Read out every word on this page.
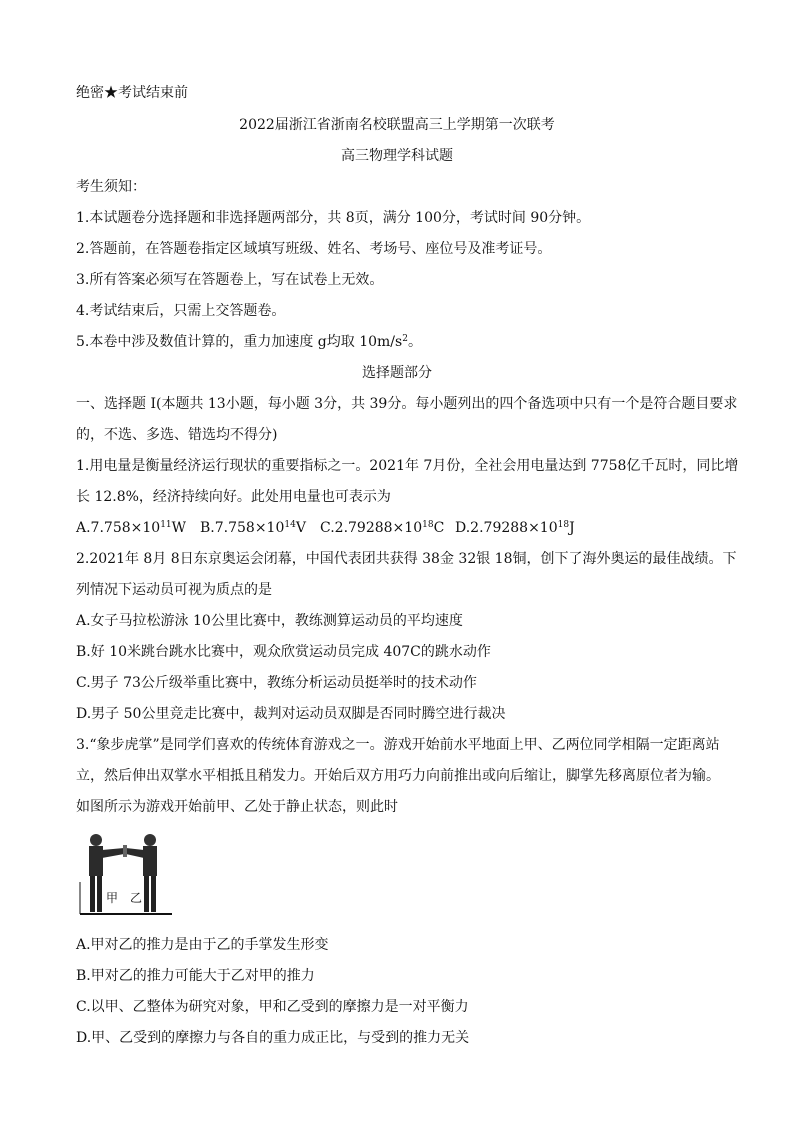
绝密★考试结束前
2022届浙江省浙南名校联盟高三上学期第一次联考
高三物理学科试题
考生须知：
1.本试题卷分选择题和非选择题两部分，共 8页，满分 100分，考试时间 90分钟。
2.答题前，在答题卷指定区域填写班级、姓名、考场号、座位号及准考证号。
3.所有答案必须写在答题卷上，写在试卷上无效。
4.考试结束后，只需上交答题卷。
5.本卷中涉及数值计算的，重力加速度 g均取 $10m/s^2$。
选择题部分
一、选择题 I(本题共 13小题，每小题 3分，共 39分。每小题列出的四个备选项中只有一个是符合题目要求
的，不选、多选、错选均不得分)
1.用电量是衡量经济运行现状的重要指标之一。2021年 7月份，全社会用电量达到 7758亿千瓦时，同比增
长 12.8%，经济持续向好。此处用电量也可表示为
$A.7.758\times 10^{11}W$ $B.7.758\times 10^{14}V$ $C.2.79288\times 10^{18}C$ $D.2.79288\times 10^{18}J$
2.2021年 8月 8日东京奥运会闭幕，中国代表团共获得 38金 32银 18铜，创下了海外奥运的最佳战绩。下
列情况下运动员可视为质点的是
A.女子马拉松游泳 10公里比赛中，教练测算运动员的平均速度
B.好 10米跳台跳水比赛中，观众欣赏运动员完成 407C的跳水动作
C.男子 73公斤级举重比赛中，教练分析运动员挺举时的技术动作
D.男子 50公里竞走比赛中，裁判对运动员双脚是否同时腾空进行裁决
3.“象步虎掌”是同学们喜欢的传统体育游戏之一。游戏开始前水平地面上甲、乙两位同学相隔一定距离站
立，然后伸出双掌水平相抵且稍发力。开始后双方用巧力向前推出或向后缩让，脚掌先移离原位者为输。
如图所示为游戏开始前甲、乙处于静止状态，则此时
甲 乙
A.甲对乙的推力是由于乙的手掌发生形变
B.甲对乙的推力可能大于乙对甲的推力
C.以甲、乙整体为研究对象，甲和乙受到的摩擦力是一对平衡力
D.甲、乙受到的摩擦力与各自的重力成正比，与受到的推力无关
